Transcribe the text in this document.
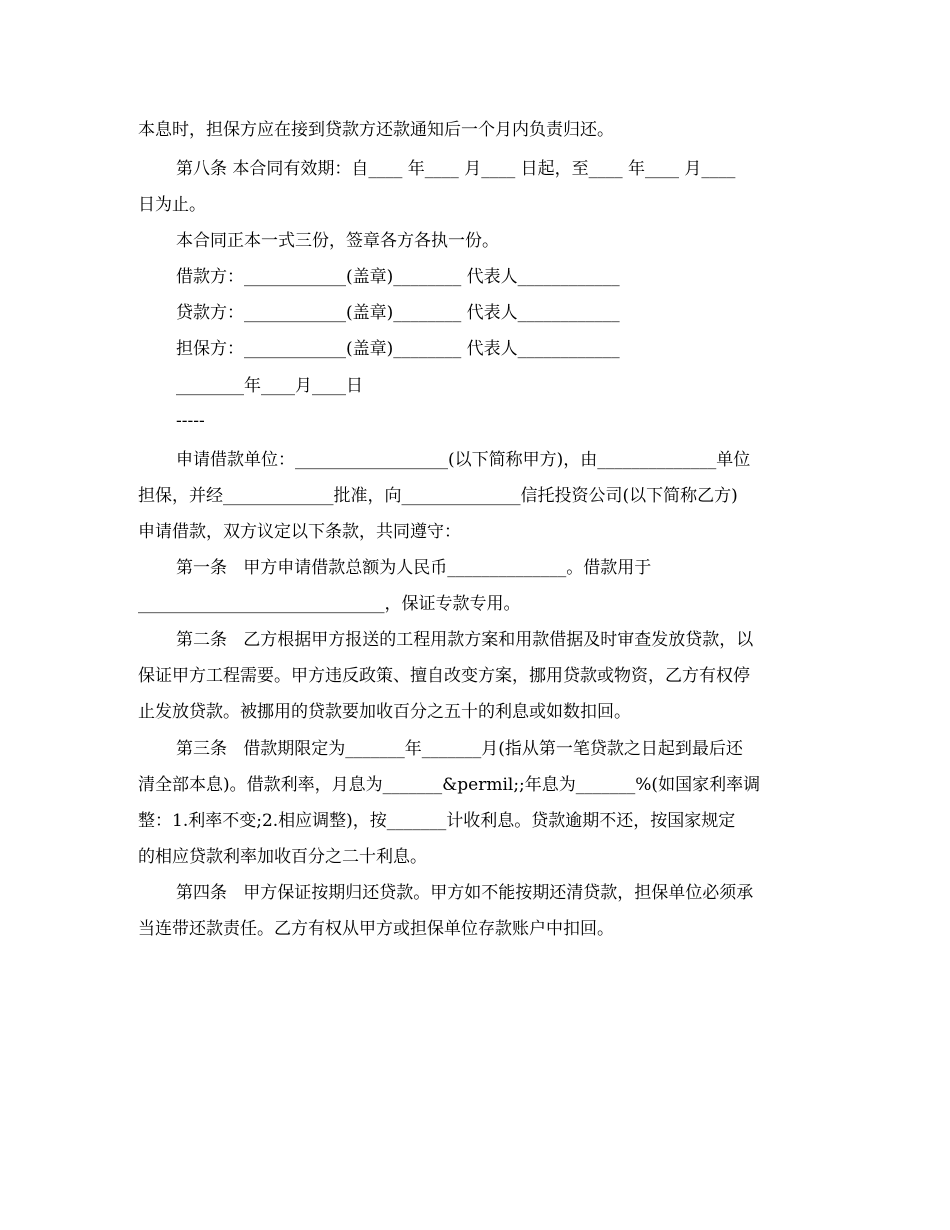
本息时，担保方应在接到贷款方还款通知后一个月内负责归还。
第八条 本合同有效期：自____ 年____ 月____ 日起，至____ 年____ 月____
日为止。
本合同正本一式三份，签章各方各执一份。
借款方：____________(盖章)________ 代表人____________
贷款方：____________(盖章)________ 代表人____________
担保方：____________(盖章)________ 代表人____________
________年____月____日
-----
申请借款单位：__________________(以下简称甲方)，由______________单位
担保，并经_____________批准，向______________信托投资公司(以下简称乙方)
申请借款，双方议定以下条款，共同遵守：
第一条   甲方申请借款总额为人民币______________。借款用于
_____________________________，保证专款专用。
第二条   乙方根据甲方报送的工程用款方案和用款借据及时审查发放贷款，以
保证甲方工程需要。甲方违反政策、擅自改变方案，挪用贷款或物资，乙方有权停
止发放贷款。被挪用的贷款要加收百分之五十的利息或如数扣回。
第三条   借款期限定为_______年_______月(指从第一笔贷款之日起到最后还
清全部本息)。借款利率，月息为_______&permil;;年息为_______%(如国家利率调
整：1.利率不变;2.相应调整)，按_______计收利息。贷款逾期不还，按国家规定
的相应贷款利率加收百分之二十利息。
第四条   甲方保证按期归还贷款。甲方如不能按期还清贷款，担保单位必须承
当连带还款责任。乙方有权从甲方或担保单位存款账户中扣回。
